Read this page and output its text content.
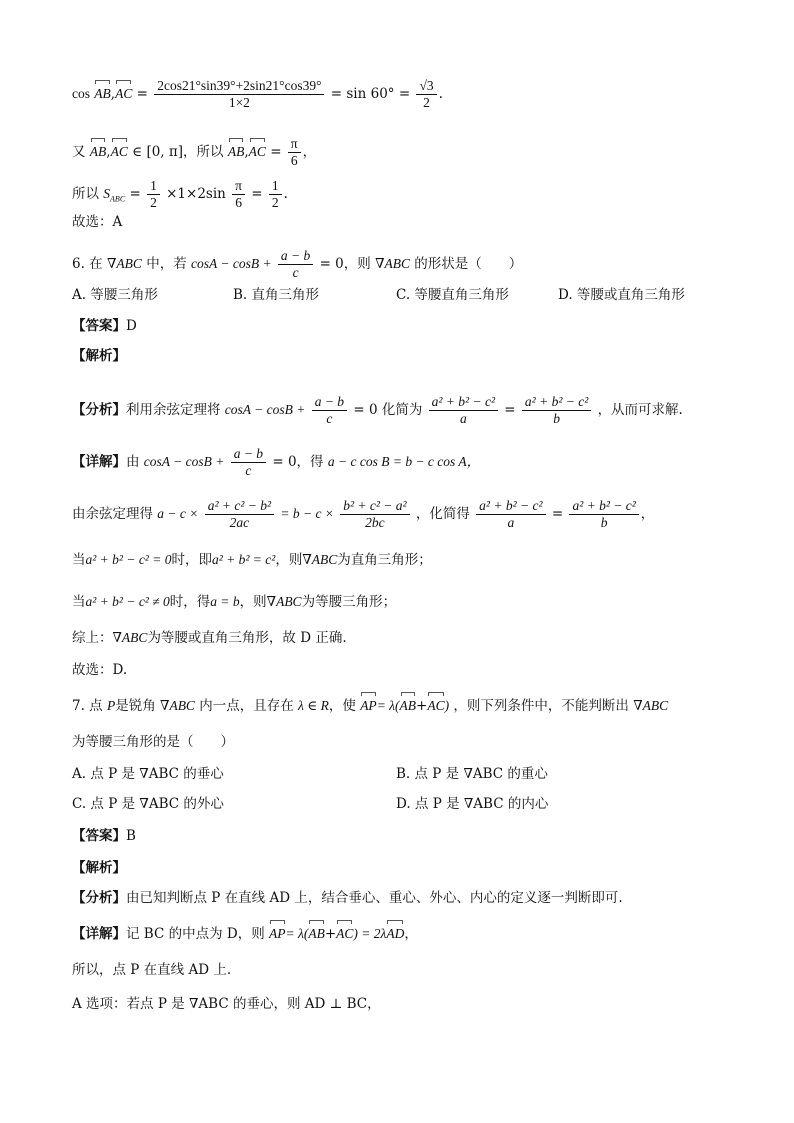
$\cos AB,AC = \frac{2\cos 21^\circ\sin 39^\circ+2\sin 21^\circ\cos 39^\circ}{1\times 2} = \sin 60^\circ = \frac{√3}{2}$ .
又 AB,AC ∈ [0, π]，所以 $AB,AC = \frac{\pi}{6}$ ，
所以 $S_{ABC} = \frac{1}{2} \times 1\times 2\sin \frac{\pi}{6} = \frac{1}{2}$ .
故选：A
6. 在 ∇ABC 中，若 $\cos A - \cos B + \frac{a - b}{c} = 0$，则 ∇ABC 的形状是（　　）
A. 等腰三角形	B. 直角三角形	C. 等腰直角三角形	D. 等腰或直角三角形
【答案】D
【解析】
【分析】利用余弦定理将 $\cos A - \cos B + \frac{a - b}{c} = 0$ 化简为 $\frac{\text{a² + b² − c²}}{a} = \frac{\text{a² + b² − c²}}{b}$ ，从而可求解.
【详解】由 $\cos A - \cos B + \frac{a - b}{c} = 0$，得 a − c cos B = b − c cos A，
由余弦定理得 $a - c \times \frac{\text{a² + c² − b²}}{2ac} = b - c \times \frac{\text{b² + c² − a²}}{2bc}$ ，化简得 $\frac{\text{a² + b² − c²}}{a} = \frac{\text{a² + b² − c²}}{b}$ ，
当a² + b² − c² = 0时，即a² + b² = c²，则∇ABC为直角三角形；
当a² + b² − c² ≠ 0时，得a = b，则∇ABC为等腰三角形；
综上：∇ABC为等腰或直角三角形，故 D 正确.
故选：D.
7. 点 P是锐角 ∇ABC 内一点，且存在 λ ∈ R，使 AP= λ(AB+AC) ，则下列条件中，不能判断出 ∇ABC
为等腰三角形的是（　　）
A. 点 P 是 ∇ABC 的垂心	B. 点 P 是 ∇ABC 的重心
C. 点 P 是 ∇ABC 的外心	D. 点 P 是 ∇ABC 的内心
【答案】B
【解析】
【分析】由已知判断点 P 在直线 AD 上，结合垂心、重心、外心、内心的定义逐一判断即可.
【详解】记 BC 的中点为 D，则 AP= λ(AB+AC) = 2λAD，
所以，点 P 在直线 AD 上.
A 选项：若点 P 是 ∇ABC 的垂心，则 AD ⊥ BC，
